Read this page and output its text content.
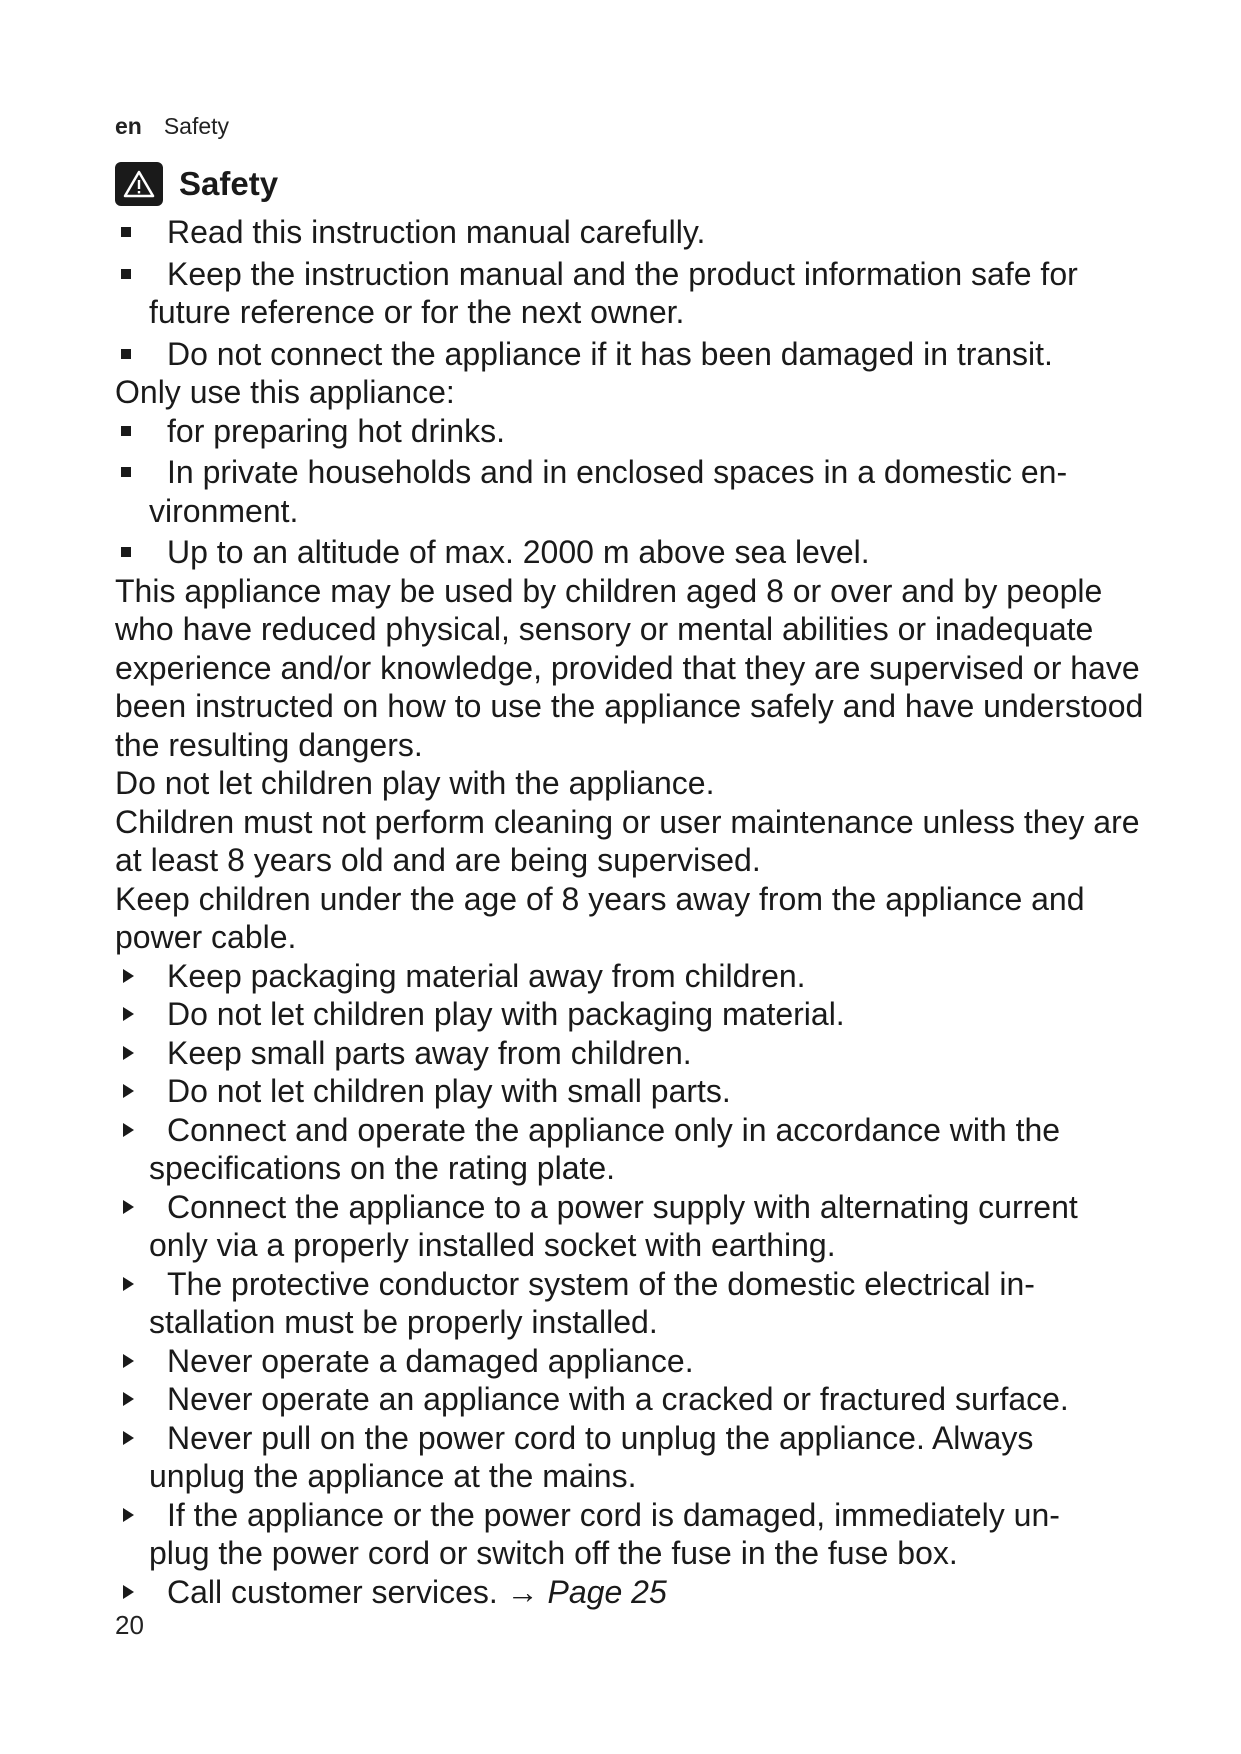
en Safety
Safety
Read this instruction manual carefully.
Keep the instruction manual and the product information safe for
future reference or for the next owner.
Do not connect the appliance if it has been damaged in transit.
Only use this appliance:
for preparing hot drinks.
In private households and in enclosed spaces in a domestic en-
vironment.
Up to an altitude of max. 2000 m above sea level.
This appliance may be used by children aged 8 or over and by people who have reduced physical, sensory or mental abilities or inadequate experience and/or knowledge, provided that they are supervised or have been instructed on how to use the appliance safely and have understood the resulting dangers.
Do not let children play with the appliance.
Children must not perform cleaning or user maintenance unless they are at least 8 years old and are being supervised.
Keep children under the age of 8 years away from the appliance and power cable.
Keep packaging material away from children.
Do not let children play with packaging material.
Keep small parts away from children.
Do not let children play with small parts.
Connect and operate the appliance only in accordance with the
specifications on the rating plate.
Connect the appliance to a power supply with alternating current
only via a properly installed socket with earthing.
The protective conductor system of the domestic electrical in-
stallation must be properly installed.
Never operate a damaged appliance.
Never operate an appliance with a cracked or fractured surface.
Never pull on the power cord to unplug the appliance. Always
unplug the appliance at the mains.
If the appliance or the power cord is damaged, immediately un-
plug the power cord or switch off the fuse in the fuse box.
Call customer services. → Page 25
20
